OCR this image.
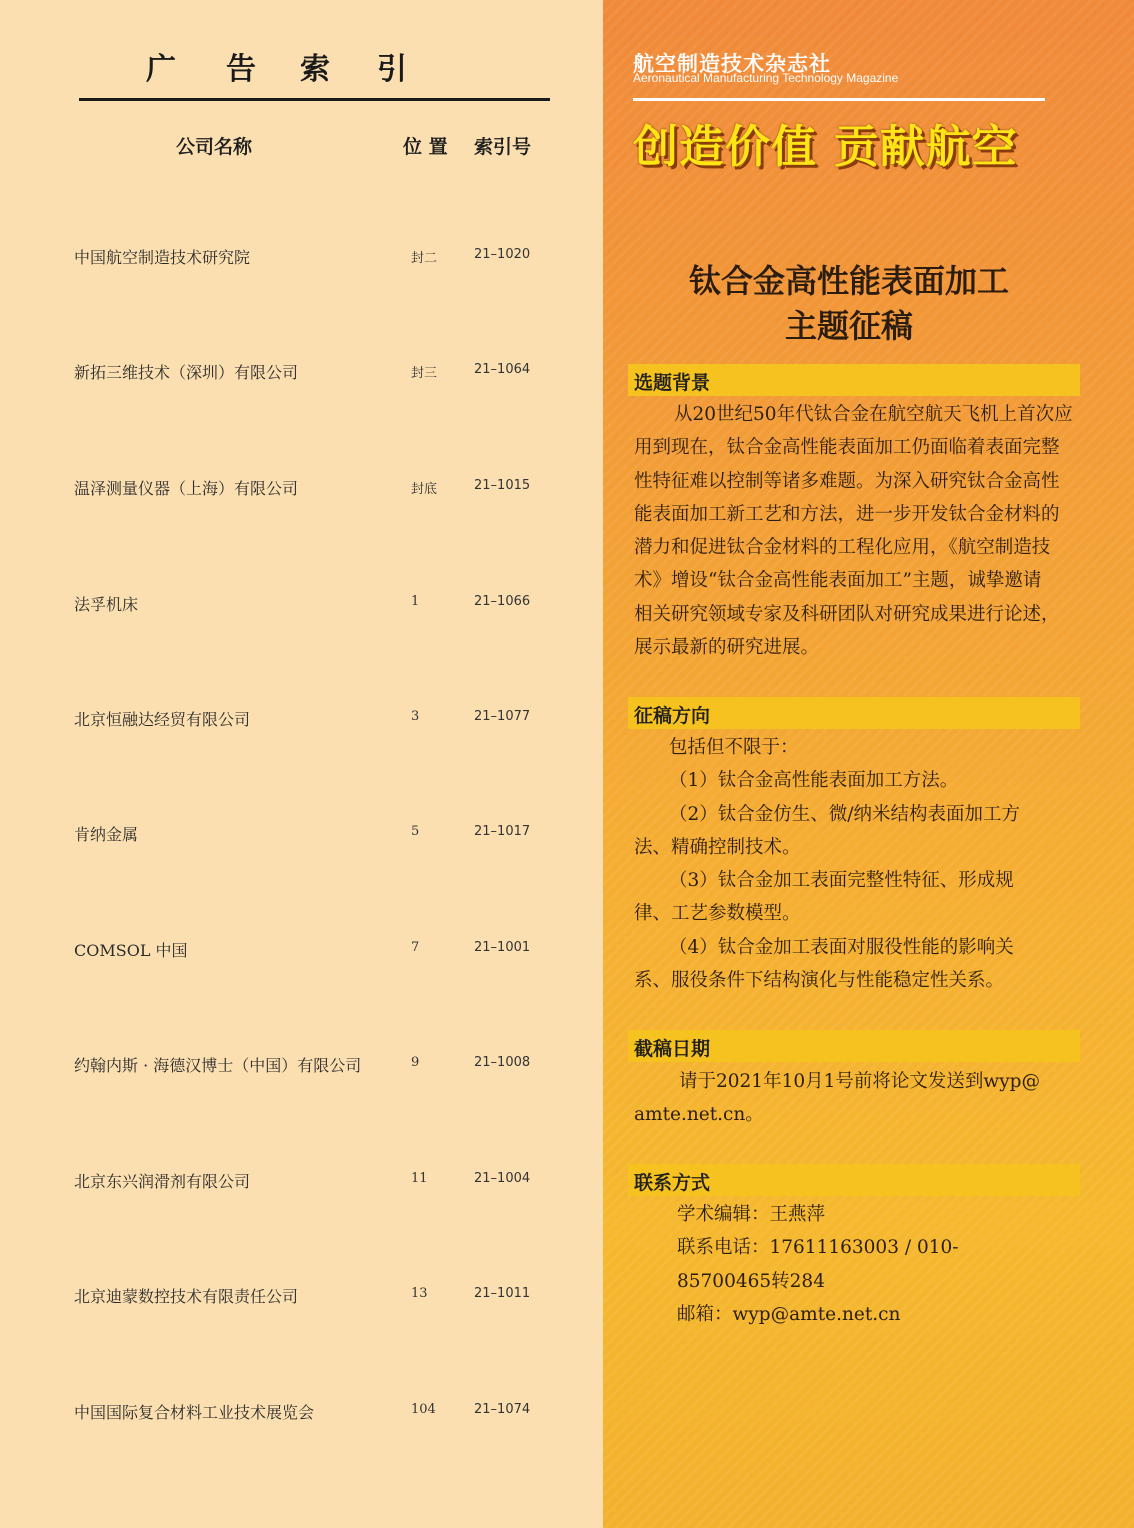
广 告 索 引
公司名称	位 置 索引号
中国航空制造技术研究院	封二	21–1020
新拓三维技术（深圳）有限公司	封三	21–1064
温泽测量仪器（上海）有限公司	封底	21–1015
法孚机床	1	21–1066
北京恒融达经贸有限公司	3	21–1077
肯纳金属	5	21–1017
COMSOL 中国	7	21–1001
约翰内斯 · 海德汉博士（中国）有限公司	9	21–1008
北京东兴润滑剂有限公司	11	21–1004
北京迪蒙数控技术有限责任公司	13	21–1011
中国国际复合材料工业技术展览会	104	21–1074
航空制造技术杂志社
Aeronautical Manufacturing Technology Magazine
创造价值 贡献航空
钛合金高性能表面加工
主题征稿
选题背景
从20世纪50年代钛合金在航空航天飞机上首次应
用到现在，钛合金高性能表面加工仍面临着表面完整
性特征难以控制等诸多难题。为深入研究钛合金高性
能表面加工新工艺和方法，进一步开发钛合金材料的
潜力和促进钛合金材料的工程化应用，《航空制造技
术》增设“钛合金高性能表面加工”主题，诚挚邀请
相关研究领域专家及科研团队对研究成果进行论述，
展示最新的研究进展。
征稿方向
包括但不限于：
（1）钛合金高性能表面加工方法。
（2）钛合金仿生、微/纳米结构表面加工方
法、精确控制技术。
（3）钛合金加工表面完整性特征、形成规
律、工艺参数模型。
（4）钛合金加工表面对服役性能的影响关
系、服役条件下结构演化与性能稳定性关系。
截稿日期
请于2021年10月1号前将论文发送到wyp@
amte.net.cn。
联系方式
学术编辑：王燕萍
联系电话：17611163003 / 010-
85700465转284
邮箱：wyp@amte.net.cn
